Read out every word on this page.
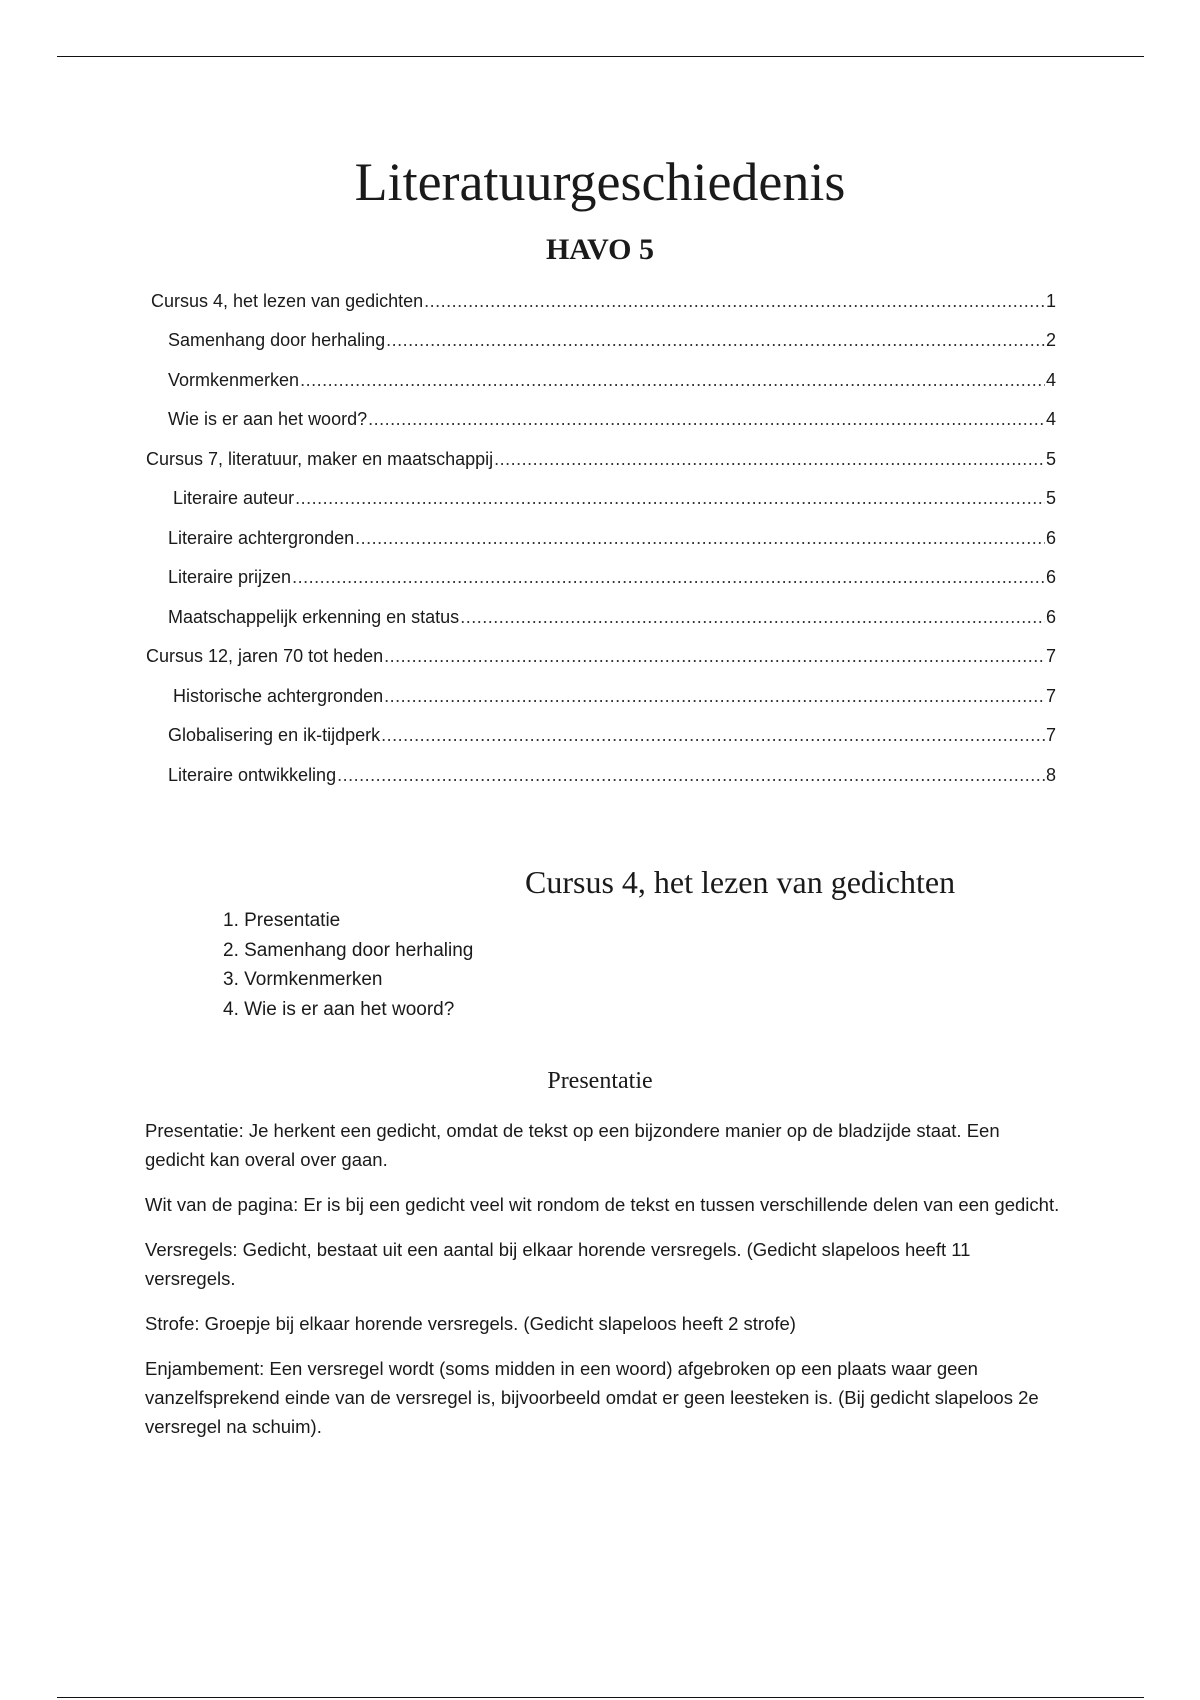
Literatuurgeschiedenis
HAVO 5
Cursus 4, het lezen van gedichten .....	1
Samenhang door herhaling .....	2
Vormkenmerken .....	4
Wie is er aan het woord? .....	4
Cursus 7, literatuur, maker en maatschappij .....	5
Literaire auteur .....	5
Literaire achtergronden .....	6
Literaire prijzen .....	6
Maatschappelijk erkenning en status .....	6
Cursus 12, jaren 70 tot heden .....	7
Historische achtergronden .....	7
Globalisering en ik-tijdperk .....	7
Literaire ontwikkeling .....	8
Cursus 4, het lezen van gedichten
1. Presentatie
2. Samenhang door herhaling
3. Vormkenmerken
4. Wie is er aan het woord?
Presentatie

Presentatie: Je herkent een gedicht, omdat de tekst op een bijzondere manier op de bladzijde staat. Een gedicht kan overal over gaan.

Wit van de pagina: Er is bij een gedicht veel wit rondom de tekst en tussen verschillende delen van een gedicht.

Versregels: Gedicht, bestaat uit een aantal bij elkaar horende versregels. (Gedicht slapeloos heeft 11 versregels.

Strofe: Groepje bij elkaar horende versregels. (Gedicht slapeloos heeft 2 strofe)

Enjambement: Een versregel wordt (soms midden in een woord) afgebroken op een plaats waar geen vanzelfsprekend einde van de versregel is, bijvoorbeeld omdat er geen leesteken is. (Bij gedicht slapeloos 2e versregel na schuim).
